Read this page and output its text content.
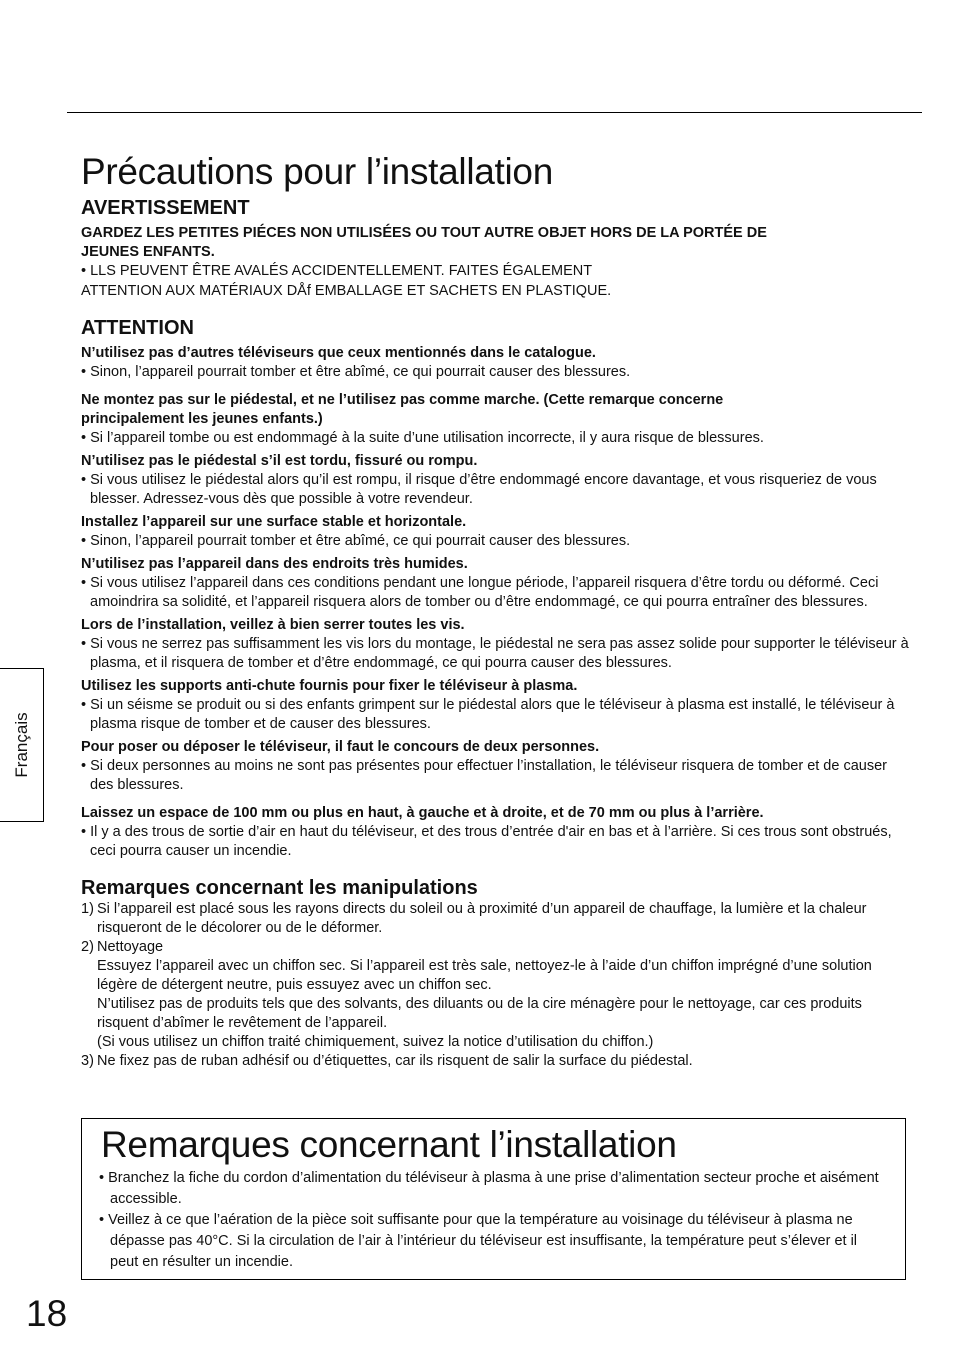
Précautions pour l’installation
AVERTISSEMENT

GARDEZ LES PETITES PIÉCES NON UTILISÉES OU TOUT AUTRE OBJET HORS DE LA PORTÉE DE

JEUNES ENFANTS.

• LLS PEUVENT ÊTRE AVALÉS ACCIDENTELLEMENT. FAITES ÉGALEMENT

ATTENTION AUX MATÉRIAUX DÅf EMBALLAGE ET SACHETS EN PLASTIQUE.

ATTENTION

N’utilisez pas d’autres téléviseurs que ceux mentionnés dans le catalogue.

• Sinon, l’appareil pourrait tomber et être abîmé, ce qui pourrait causer des blessures.

Ne montez pas sur le piédestal, et ne l’utilisez pas comme marche. (Cette remarque concerne principalement les jeunes enfants.)

• Si l’appareil tombe ou est endommagé à la suite d’une utilisation incorrecte, il y aura risque de blessures.

N’utilisez pas le piédestal s’il est tordu, fissuré ou rompu.

• Si vous utilisez le piédestal alors qu’il est rompu, il risque d’être endommagé encore davantage, et vous risqueriez de vous blesser. Adressez-vous dès que possible à votre revendeur.

Installez l’appareil sur une surface stable et horizontale.

• Sinon, l’appareil pourrait tomber et être abîmé, ce qui pourrait causer des blessures.

N’utilisez pas l’appareil dans des endroits très humides.

• Si vous utilisez l’appareil dans ces conditions pendant une longue période, l’appareil risquera d’être tordu ou déformé. Ceci amoindrira sa solidité, et l’appareil risquera alors de tomber ou d’être endommagé, ce qui pourra entraîner des blessures.

Lors de l’installation, veillez à bien serrer toutes les vis.

• Si vous ne serrez pas suffisamment les vis lors du montage, le piédestal ne sera pas assez solide pour supporter le téléviseur à plasma, et il risquera de tomber et d’être endommagé, ce qui pourra causer des blessures.

Utilisez les supports anti-chute fournis pour fixer le téléviseur à plasma.

• Si un séisme se produit ou si des enfants grimpent sur le piédestal alors que le téléviseur à plasma est installé, le téléviseur à plasma risque de tomber et de causer des blessures.

Pour poser ou déposer le téléviseur, il faut le concours de deux personnes.

• Si deux personnes au moins ne sont pas présentes pour effectuer l’installation, le téléviseur risquera de tomber et de causer des blessures.

Laissez un espace de 100 mm ou plus en haut, à gauche et à droite, et de 70 mm ou plus à l’arrière.

• Il y a des trous de sortie d’air en haut du téléviseur, et des trous d’entrée d'air en bas et à l’arrière. Si ces trous sont obstrués, ceci pourra causer un incendie.

Remarques concernant les manipulations
1) Si l’appareil est placé sous les rayons directs du soleil ou à proximité d’un appareil de chauffage, la lumière et la chaleur risqueront de le décolorer ou de le déformer.

2) Nettoyage

Essuyez l’appareil avec un chiffon sec. Si l’appareil est très sale, nettoyez-le à l’aide d’un chiffon imprégné d’une solution légère de détergent neutre, puis essuyez avec un chiffon sec.

N’utilisez pas de produits tels que des solvants, des diluants ou de la cire ménagère pour le nettoyage, car ces produits risquent d’abîmer le revêtement de l’appareil.

(Si vous utilisez un chiffon traité chimiquement, suivez la notice d’utilisation du chiffon.)

3) Ne fixez pas de ruban adhésif ou d’étiquettes, car ils risquent de salir la surface du piédestal.

Remarques concernant l’installation

• Branchez la fiche du cordon d’alimentation du téléviseur à plasma à une prise d’alimentation secteur proche et aisément accessible.

• Veillez à ce que l’aération de la pièce soit suffisante pour que la température au voisinage du téléviseur à plasma ne dépasse pas 40°C. Si la circulation de l’air à l’intérieur du téléviseur est insuffisante, la température peut s’élever et il peut en résulter un incendie.

Français
18
